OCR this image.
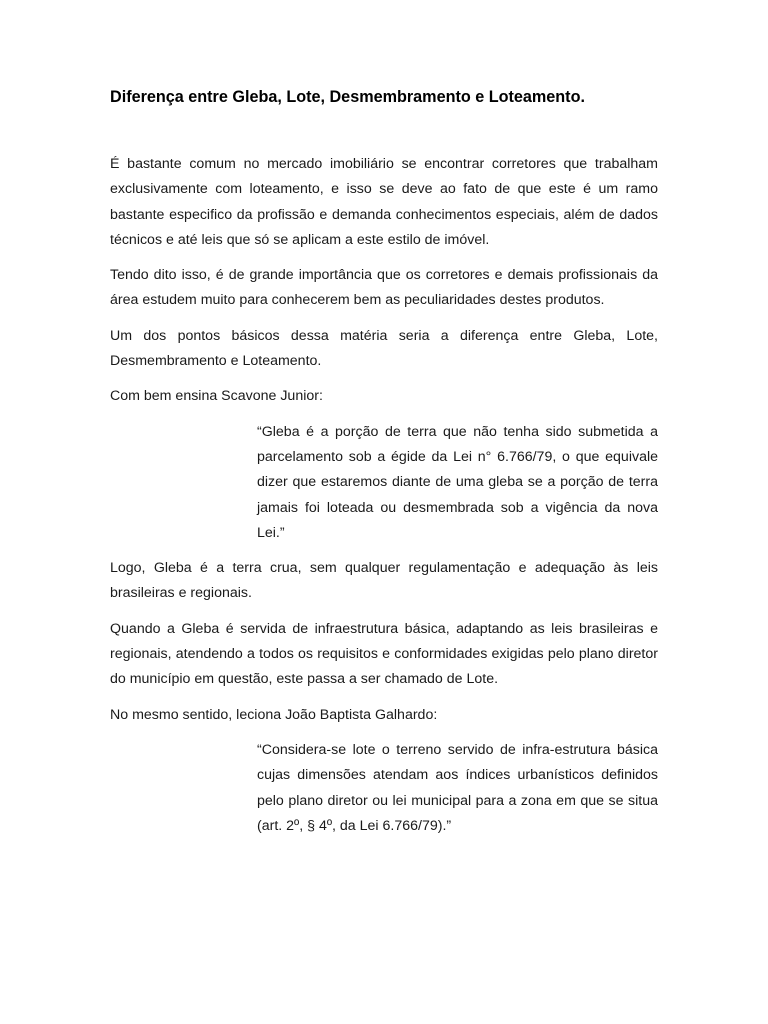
Diferença entre Gleba, Lote, Desmembramento e Loteamento.

É bastante comum no mercado imobiliário se encontrar corretores que trabalham exclusivamente com loteamento, e isso se deve ao fato de que este é um ramo bastante especifico da profissão e demanda conhecimentos especiais, além de dados técnicos e até leis que só se aplicam a este estilo de imóvel.

Tendo dito isso, é de grande importância que os corretores e demais profissionais da área estudem muito para conhecerem bem as peculiaridades destes produtos.

Um dos pontos básicos dessa matéria seria a diferença entre Gleba, Lote, Desmembramento e Loteamento.

Com bem ensina Scavone Junior:

“Gleba é a porção de terra que não tenha sido submetida a parcelamento sob a égide da Lei n° 6.766/79, o que equivale dizer que estaremos diante de uma gleba se a porção de terra jamais foi loteada ou desmembrada sob a vigência da nova Lei.”

Logo, Gleba é a terra crua, sem qualquer regulamentação e adequação às leis brasileiras e regionais.

Quando a Gleba é servida de infraestrutura básica, adaptando as leis brasileiras e regionais, atendendo a todos os requisitos e conformidades exigidas pelo plano diretor do município em questão, este passa a ser chamado de Lote.

No mesmo sentido, leciona João Baptista Galhardo:

“Considera-se lote o terreno servido de infra-estrutura básica cujas dimensões atendam aos índices urbanísticos definidos pelo plano diretor ou lei municipal para a zona em que se situa (art. 2º, § 4º, da Lei 6.766/79).”
